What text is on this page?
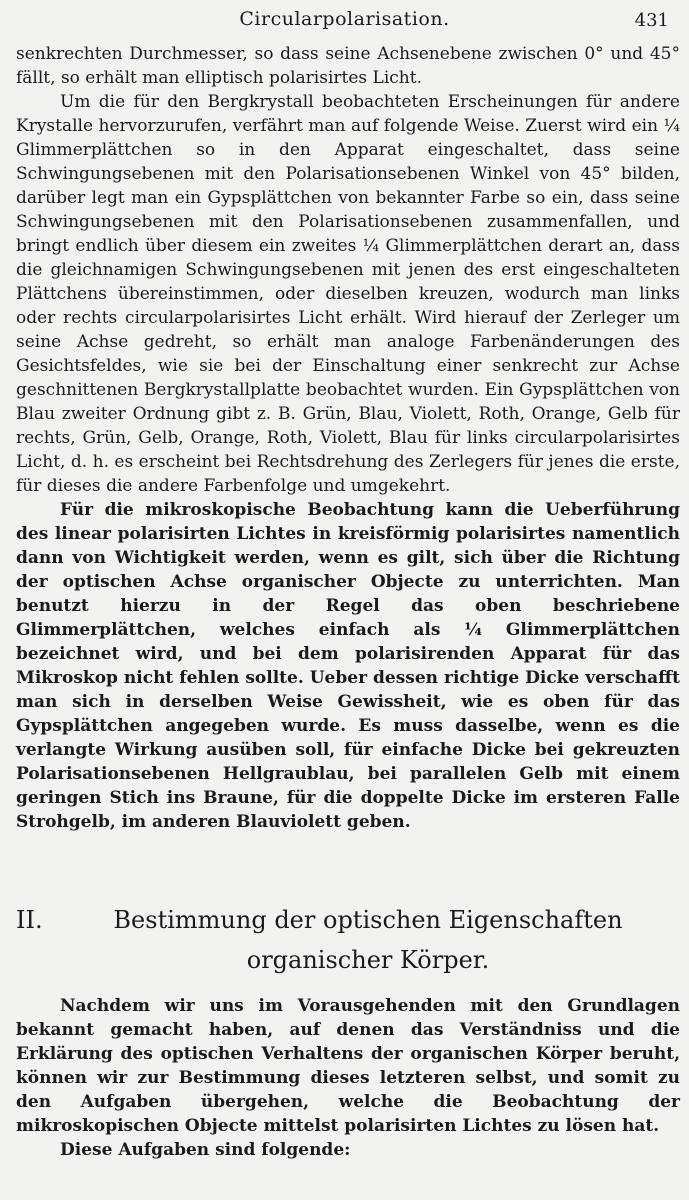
Circularpolarisation.	431

senkrechten Durchmesser, so dass seine Achsenebene zwischen 0° und 45° fällt, so erhält man elliptisch polarisirtes Licht.

Um die für den Bergkrystall beobachteten Erscheinungen für andere Krystalle hervorzurufen, verfährt man auf folgende Weise. Zuerst wird ein ¼ Glimmerplättchen so in den Apparat eingeschaltet, dass seine Schwingungsebenen mit den Polarisationsebenen Winkel von 45° bilden, darüber legt man ein Gypsplättchen von bekannter Farbe so ein, dass seine Schwingungsebenen mit den Polarisationsebenen zusammenfallen, und bringt endlich über diesem ein zweites ¼ Glimmerplättchen derart an, dass die gleichnamigen Schwingungsebenen mit jenen des erst eingeschalteten Plättchens übereinstimmen, oder dieselben kreuzen, wodurch man links oder rechts circularpolarisirtes Licht erhält. Wird hierauf der Zerleger um seine Achse gedreht, so erhält man analoge Farbenänderungen des Gesichtsfeldes, wie sie bei der Einschaltung einer senkrecht zur Achse geschnittenen Bergkrystallplatte beobachtet wurden. Ein Gypsplättchen von Blau zweiter Ordnung gibt z. B. Grün, Blau, Violett, Roth, Orange, Gelb für rechts, Grün, Gelb, Orange, Roth, Violett, Blau für links circularpolarisirtes Licht, d. h. es erscheint bei Rechtsdrehung des Zerlegers für jenes die erste, für dieses die andere Farbenfolge und umgekehrt.

Für die mikroskopische Beobachtung kann die Ueberführung des linear polarisirten Lichtes in kreisförmig polarisirtes namentlich dann von Wichtigkeit werden, wenn es gilt, sich über die Richtung der optischen Achse organischer Objecte zu unterrichten. Man benutzt hierzu in der Regel das oben beschriebene Glimmerplättchen, welches einfach als ¼ Glimmerplättchen bezeichnet wird, und bei dem polarisirenden Apparat für das Mikroskop nicht fehlen sollte. Ueber dessen richtige Dicke verschafft man sich in derselben Weise Gewissheit, wie es oben für das Gypsplättchen angegeben wurde. Es muss dasselbe, wenn es die verlangte Wirkung ausüben soll, für einfache Dicke bei gekreuzten Polarisationsebenen Hellgraublau, bei parallelen Gelb mit einem geringen Stich ins Braune, für die doppelte Dicke im ersteren Falle Strohgelb, im anderen Blauviolett geben.

II.	Bestimmung der optischen Eigenschaften organischer Körper.

Nachdem wir uns im Vorausgehenden mit den Grundlagen bekannt gemacht haben, auf denen das Verständniss und die Erklärung des optischen Verhaltens der organischen Körper beruht, können wir zur Bestimmung dieses letzteren selbst, und somit zu den Aufgaben übergehen, welche die Beobachtung der mikroskopischen Objecte mittelst polarisirten Lichtes zu lösen hat.

Diese Aufgaben sind folgende:
